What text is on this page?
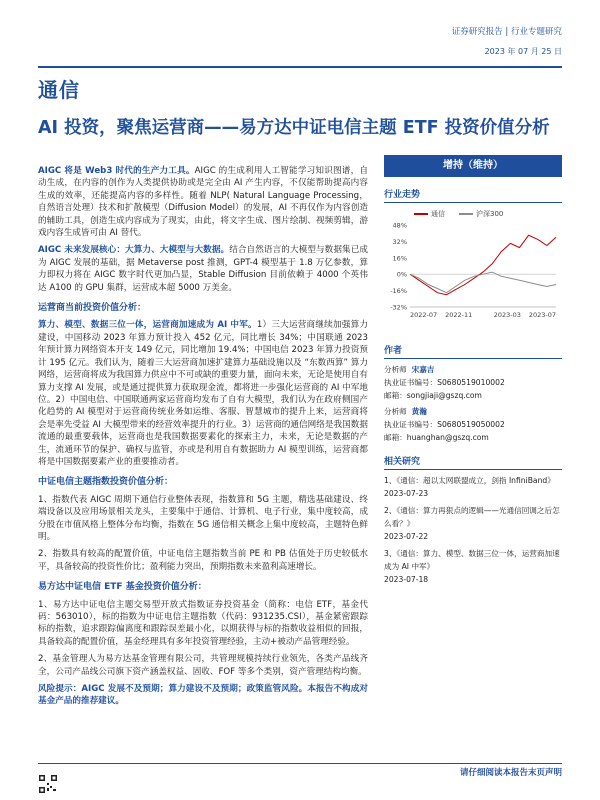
证券研究报告 | 行业专题研究
2023 年 07 月 25 日
通信
AI 投资，聚焦运营商——易方达中证电信主题 ETF 投资价值分析

AIGC 将是 Web3 时代的生产力工具。AIGC 的生成利用人工智能学习知识图谱，自动生成，在内容的创作为人类提供协助或是完全由 AI 产生内容，不仅能帮助提高内容生成的效率，还能提高内容的多样性。随着 NLP( Natural Language Processing，自然语言处理）技术和扩散模型（Diffusion Model）的发展，AI 不再仅作为内容创造的辅助工具，创造生成内容成为了现实，由此，将文字生成、图片绘制、视频剪辑，游戏内容生成皆可由 AI 替代。

AIGC 未来发展核心：大算力、大模型与大数据。结合自然语言的大模型与数据集已成为 AIGC 发展的基础，据 Metaverse post 推测，GPT-4 模型基于 1.8 万亿参数，算力即权力将在 AIGC 数字时代更加凸显，Stable Diffusion 目前依赖于 4000 个英伟达 A100 的 GPU 集群，运营成本超 5000 万美金。

运营商当前投资价值分析：

算力、模型、数据三位一体，运营商加速成为 AI 中军。1）三大运营商继续加强算力建设，中国移动 2023 年算力预计投入 452 亿元，同比增长 34%；中国联通 2023 年预计算力网络资本开支 149 亿元，同比增加 19.4%；中国电信 2023 年算力投资预计 195 亿元。我们认为，随着三大运营商加速扩建算力基础设施以及 “东数西算” 算力网络，运营商将成为我国算力供应中不可或缺的重要力量，面向未来，无论是使用自有算力支撑 AI 发展，或是通过提供算力获取现金流，都将进一步强化运营商的 AI 中军地位。2）中国电信、中国联通两家运营商均发布了自有大模型，我们认为在政府侧国产化趋势的 AI 模型对于运营商传统业务如运维、客服、智慧城市的提升上来，运营商将会是率先受益 AI 大模型带来的经营效率提升的行业。3）运营商的通信网络是我国数据流通的最重要载体，运营商也是我国数据要素化的探索主力，未来，无论是数据的产生，流通环节的保护、确权与监管，亦或是利用自有数据助力 AI 模型训练，运营商都将是中国数据要素产业的重要推动者。

中证电信主题指数投资价值分析：

1、指数代表 AIGC 周期下通信行业整体表现，指数算和 5G 主题，精选基础建设、终端设备以及应用场景相关龙头，主要集中于通信、计算机、电子行业，集中度较高，成分股在市值风格上整体分布均衡，指数在 5G 通信相关概念上集中度较高，主题特色鲜明。

2、指数具有较高的配置价值，中证电信主题指数当前 PE 和 PB 估值处于历史较低水平，具备较高的投资性价比；盈利能力突出，预期指数未来盈利高速增长。

易方达中证电信 ETF 基金投资价值分析：

1、易方达中证电信主题交易型开放式指数证券投资基金（简称：电信 ETF，基金代码：563010），标的指数为中证电信主题指数（代码：931235.CSI），基金紧密跟踪标的指数，追求跟踪偏离度和跟踪误差最小化，以期获得与标的指数收益相似的回报，具备较高的配置价值，基金经理具有多年投资管理经验，主动+被动产品管理经验。

2、基金管理人为易方达基金管理有限公司，共管理规模持续行业领先，各类产品线齐全，公司产品线公司旗下资产涵盖权益、固收、FOF 等多个类别，资产管理结构均衡。

风险提示：AIGC 发展不及预期；算力建设不及预期；政策监管风险。本报告不构成对基金产品的推荐建议。

增持（维持）
行业走势
通信	沪深300
48%
32%
16%
0%
-16%
-32%
2022-07 2022-11	2023-03 2023-07
作者
分析师 宋嘉吉
执业证书编号：S0680519010002
邮箱：songjiaji@gszq.com
分析师 黄瀚
执业证书编号：S0680519050002
邮箱：huanghan@gszq.com
相关研究
1、《通信：超以太网联盟成立，剑指 InfiniBand》
2023-07-23
2、《通信：算力再狠点的逻辑——光通信回调之后怎么看？》
2023-07-22
3、《通信：算力、模型、数据三位一体，运营商加速成为 AI 中军》
2023-07-18
请仔细阅读本报告末页声明
